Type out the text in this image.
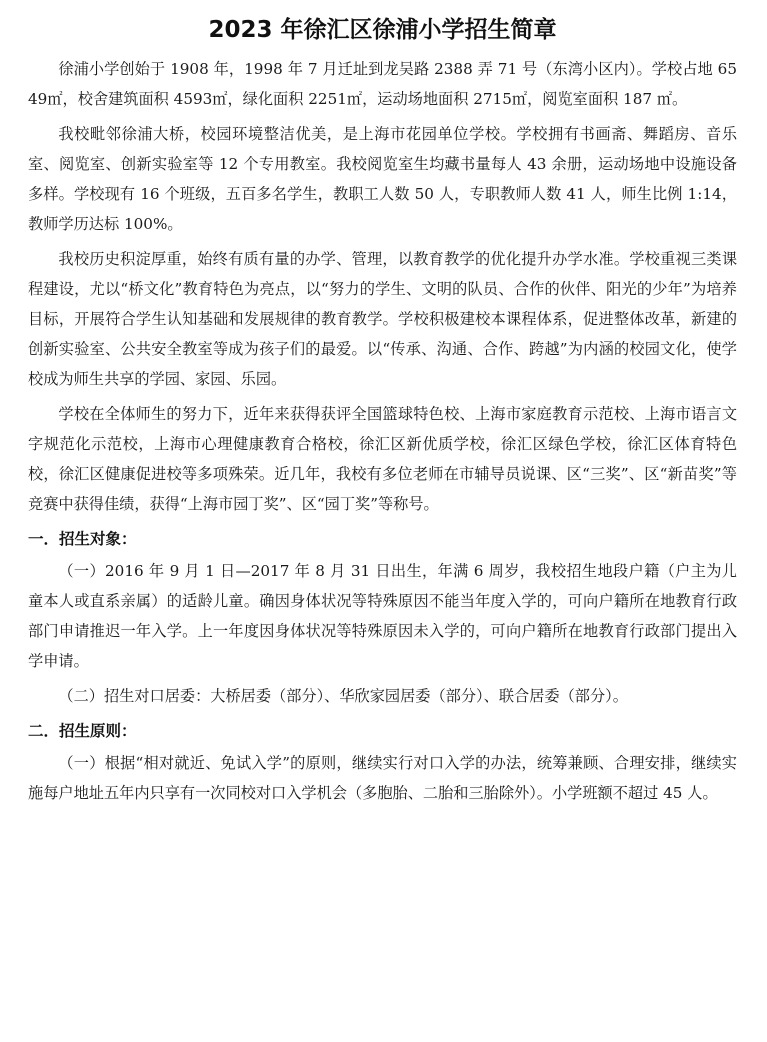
2023 年徐汇区徐浦小学招生简章

徐浦小学创始于 1908 年，1998 年 7 月迁址到龙吴路 2388 弄 71 号（东湾小区内）。学校占地 6549㎡，校舍建筑面积 4593㎡，绿化面积 2251㎡，运动场地面积 2715㎡，阅览室面积 187 ㎡。

我校毗邻徐浦大桥，校园环境整洁优美，是上海市花园单位学校。学校拥有书画斋、舞蹈房、音乐室、阅览室、创新实验室等 12 个专用教室。我校阅览室生均藏书量每人 43 余册，运动场地中设施设备多样。学校现有 16 个班级，五百多名学生，教职工人数 50 人，专职教师人数 41 人，师生比例 1:14，教师学历达标 100%。

我校历史积淀厚重，始终有质有量的办学、管理，以教育教学的优化提升办学水准。学校重视三类课程建设，尤以“桥文化”教育特色为亮点，以“努力的学生、文明的队员、合作的伙伴、阳光的少年”为培养目标，开展符合学生认知基础和发展规律的教育教学。学校积极建校本课程体系，促进整体改革，新建的创新实验室、公共安全教室等成为孩子们的最爱。以“传承、沟通、合作、跨越”为内涵的校园文化，使学校成为师生共享的学园、家园、乐园。

学校在全体师生的努力下，近年来获得获评全国篮球特色校、上海市家庭教育示范校、上海市语言文字规范化示范校，上海市心理健康教育合格校，徐汇区新优质学校，徐汇区绿色学校，徐汇区体育特色校，徐汇区健康促进校等多项殊荣。近几年，我校有多位老师在市辅导员说课、区“三奖”、区“新苗奖”等竞赛中获得佳绩，获得“上海市园丁奖”、区“园丁奖”等称号。

一．招生对象：

（一）2016 年 9 月 1 日—2017 年 8 月 31 日出生，年满 6 周岁，我校招生地段户籍（户主为儿童本人或直系亲属）的适龄儿童。确因身体状况等特殊原因不能当年度入学的，可向户籍所在地教育行政部门申请推迟一年入学。上一年度因身体状况等特殊原因未入学的，可向户籍所在地教育行政部门提出入学申请。

（二）招生对口居委：大桥居委（部分）、华欣家园居委（部分）、联合居委（部分）。

二．招生原则：

（一）根据“相对就近、免试入学”的原则，继续实行对口入学的办法，统筹兼顾、合理安排，继续实施每户地址五年内只享有一次同校对口入学机会（多胞胎、二胎和三胎除外）。小学班额不超过 45 人。
